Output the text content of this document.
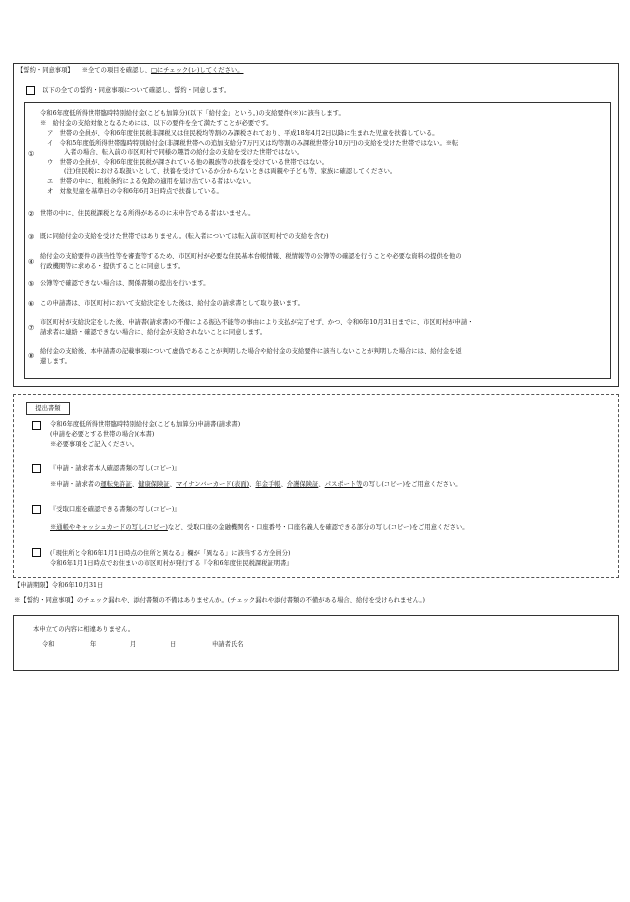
【誓約・同意事項】 ※全ての項目を確認し、□にチェック(レ)してください。
以下の全ての誓約・同意事項について確認し、誓約・同意します。
①
令和6年度低所得世帯臨時特別給付金(こども加算分)(以下「給付金」という。)の支給要件(※)に該当します。
※　給付金の支給対象となるためには、以下の要件を全て満たすことが必要です。
ア　世帯の全員が、令和6年度住民税非課税又は住民税均等割のみ課税されており、平成18年4月2日以降に生まれた児童を扶養している。
イ　令和5年度低所得世帯臨時特別給付金(非課税世帯への追加支給分7万円又は均等割のみ課税世帯分10万円)の支給を受けた世帯ではない。※転
入者の場合、転入前の市区町村で同様の趣旨の給付金の支給を受けた世帯ではない。
ウ　世帯の全員が、令和6年度住民税が課されている他の親族等の扶養を受けている世帯ではない。
(注)住民税における取扱いとして、扶養を受けているか分からないときは両親や子ども等、家族に確認してください。
エ　世帯の中に、租税条約による免除の適用を届け出ている者はいない。
オ　対象児童を基準日の令和6年6月3日時点で扶養している。
② 世帯の中に、住民税課税となる所得があるのに未申告である者はいません。
③ 既に同給付金の支給を受けた世帯ではありません。(転入者については転入前市区町村での支給を含む)
④
給付金の支給要件の該当性等を審査等するため、市区町村が必要な住民基本台帳情報、税情報等の公簿等の確認を行うことや必要な資料の提供を他の
行政機関等に求める・提供することに同意します。
⑤ 公簿等で確認できない場合は、関係書類の提出を行います。
⑥ この申請書は、市区町村において支給決定をした後は、給付金の請求書として取り扱います。
⑦
市区町村が支給決定をした後、申請書(請求書)の不備による振込不能等の事由により支払が完了せず、かつ、令和6年10月31日までに、市区町村が申請・
請求者に連絡・確認できない場合に、給付金が支給されないことに同意します。
⑧
給付金の支給後、本申請書の記載事項について虚偽であることが判明した場合や給付金の支給要件に該当しないことが判明した場合には、給付金を返
還します。
提出書類
令和6年度低所得世帯臨時特別給付金(こども加算分)申請書(請求書)
(申請を必要とする世帯の場合)(本書)
※必要事項をご記入ください。
『申請・請求者本人確認書類の写し(コピー)』
※申請・請求者の運転免許証、健康保険証、マイナンバーカード(表面)、年金手帳、介護保険証、パスポート等の写し(コピー)をご用意ください。
『受取口座を確認できる書類の写し(コピー)』
※通帳やキャッシュカードの写し(コピー)など、受取口座の金融機関名・口座番号・口座名義人を確認できる部分の写し(コピー)をご用意ください。
(「現住所と令和6年1月1日時点の住所と異なる」欄が「異なる」に該当する方全員分)
令和6年1月1日時点でお住まいの市区町村が発行する『令和6年度住民税課税証明書』
【申請期限】令和6年10月31日
※【誓約・同意事項】のチェック漏れや、添付書類の不備はありませんか。(チェック漏れや添付書類の不備がある場合、給付を受けられません。)
本申立ての内容に相違ありません。
令和	年	月	日	申請者氏名
